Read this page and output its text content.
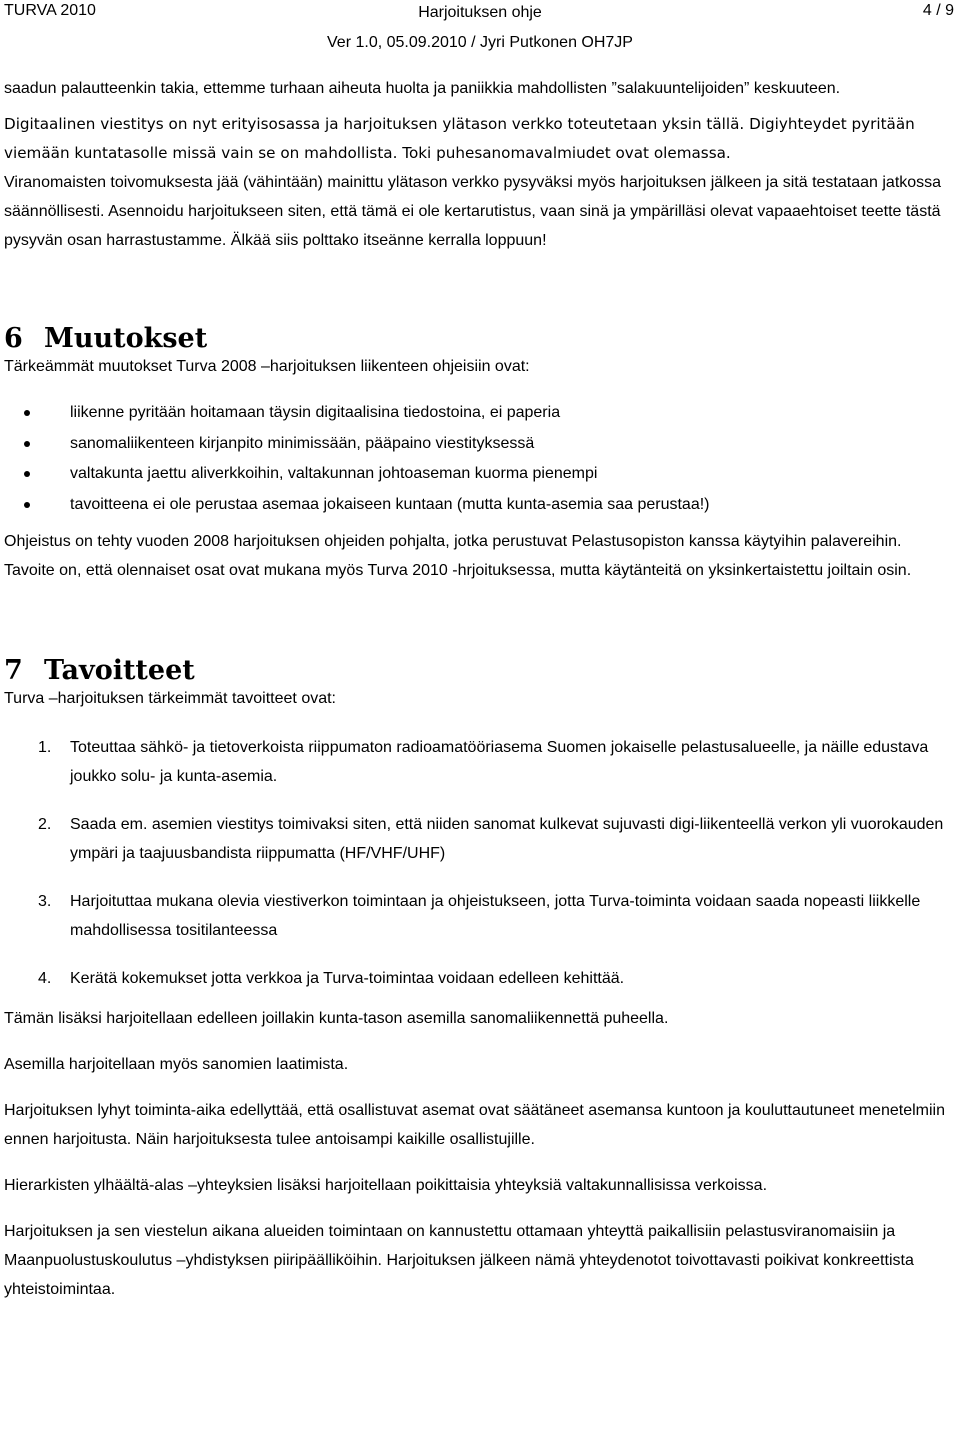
TURVA 2010	Harjoituksen ohje
Ver 1.0, 05.09.2010 / Jyri Putkonen OH7JP
4 / 9

saadun palautteenkin takia, ettemme turhaan aiheuta huolta ja paniikkia mahdollisten ”salakuuntelijoiden” keskuuteen.

Digitaalinen viestitys on nyt erityisosassa ja harjoituksen ylätason verkko toteutetaan yksin tällä. Digiyhteydet pyritään viemään kuntatasolle missä vain se on mahdollista. Toki puhesanomavalmiudet ovat olemassa.

Viranomaisten toivomuksesta jää (vähintään) mainittu ylätason verkko pysyväksi myös harjoituksen jälkeen ja sitä testataan jatkossa säännöllisesti. Asennoidu harjoitukseen siten, että tämä ei ole kertarutistus, vaan sinä ja ympärilläsi olevat vapaaehtoiset teette tästä pysyvän osan harrastustamme. Älkää siis polttako itseänne kerralla loppuun!

6 Muutokset

Tärkeämmät muutokset Turva 2008 –harjoituksen liikenteen ohjeisiin ovat:

liikenne pyritään hoitamaan täysin digitaalisina tiedostoina, ei paperia
sanomaliikenteen kirjanpito minimissään, pääpaino viestityksessä
valtakunta jaettu aliverkkoihin, valtakunnan johtoaseman kuorma pienempi
tavoitteena ei ole perustaa asemaa jokaiseen kuntaan (mutta kunta-asemia saa perustaa!)

Ohjeistus on tehty vuoden 2008 harjoituksen ohjeiden pohjalta, jotka perustuvat Pelastusopiston kanssa käytyihin palavereihin. Tavoite on, että olennaiset osat ovat mukana myös Turva 2010 -hrjoituksessa, mutta käytänteitä on yksinkertaistettu joiltain osin.

7 Tavoitteet

Turva –harjoituksen tärkeimmät tavoitteet ovat:

1. Toteuttaa sähkö- ja tietoverkoista riippumaton radioamatööriasema Suomen jokaiselle pelastusalueelle, ja näille edustava joukko solu- ja kunta-asemia.
2. Saada em. asemien viestitys toimivaksi siten, että niiden sanomat kulkevat sujuvasti digi-liikenteellä verkon yli vuorokauden ympäri ja taajuusbandista riippumatta (HF/VHF/UHF)
3. Harjoituttaa mukana olevia viestiverkon toimintaan ja ohjeistukseen, jotta Turva-toiminta voidaan saada nopeasti liikkelle mahdollisessa tositilanteessa
4. Kerätä kokemukset jotta verkkoa ja Turva-toimintaa voidaan edelleen kehittää.

Tämän lisäksi harjoitellaan edelleen joillakin kunta-tason asemilla sanomaliikennettä puheella.

Asemilla harjoitellaan myös sanomien laatimista.

Harjoituksen lyhyt toiminta-aika edellyttää, että osallistuvat asemat ovat säätäneet asemansa kuntoon ja kouluttautuneet menetelmiin ennen harjoitusta. Näin harjoituksesta tulee antoisampi kaikille osallistujille.

Hierarkisten ylhäältä-alas –yhteyksien lisäksi harjoitellaan poikittaisia yhteyksiä valtakunnallisissa verkoissa.

Harjoituksen ja sen viestelun aikana alueiden toimintaan on kannustettu ottamaan yhteyttä paikallisiin pelastusviranomaisiin ja Maanpuolustuskoulutus –yhdistyksen piiripäälliköihin. Harjoituksen jälkeen nämä yhteydenotot toivottavasti poikivat konkreettista yhteistoimintaa.
